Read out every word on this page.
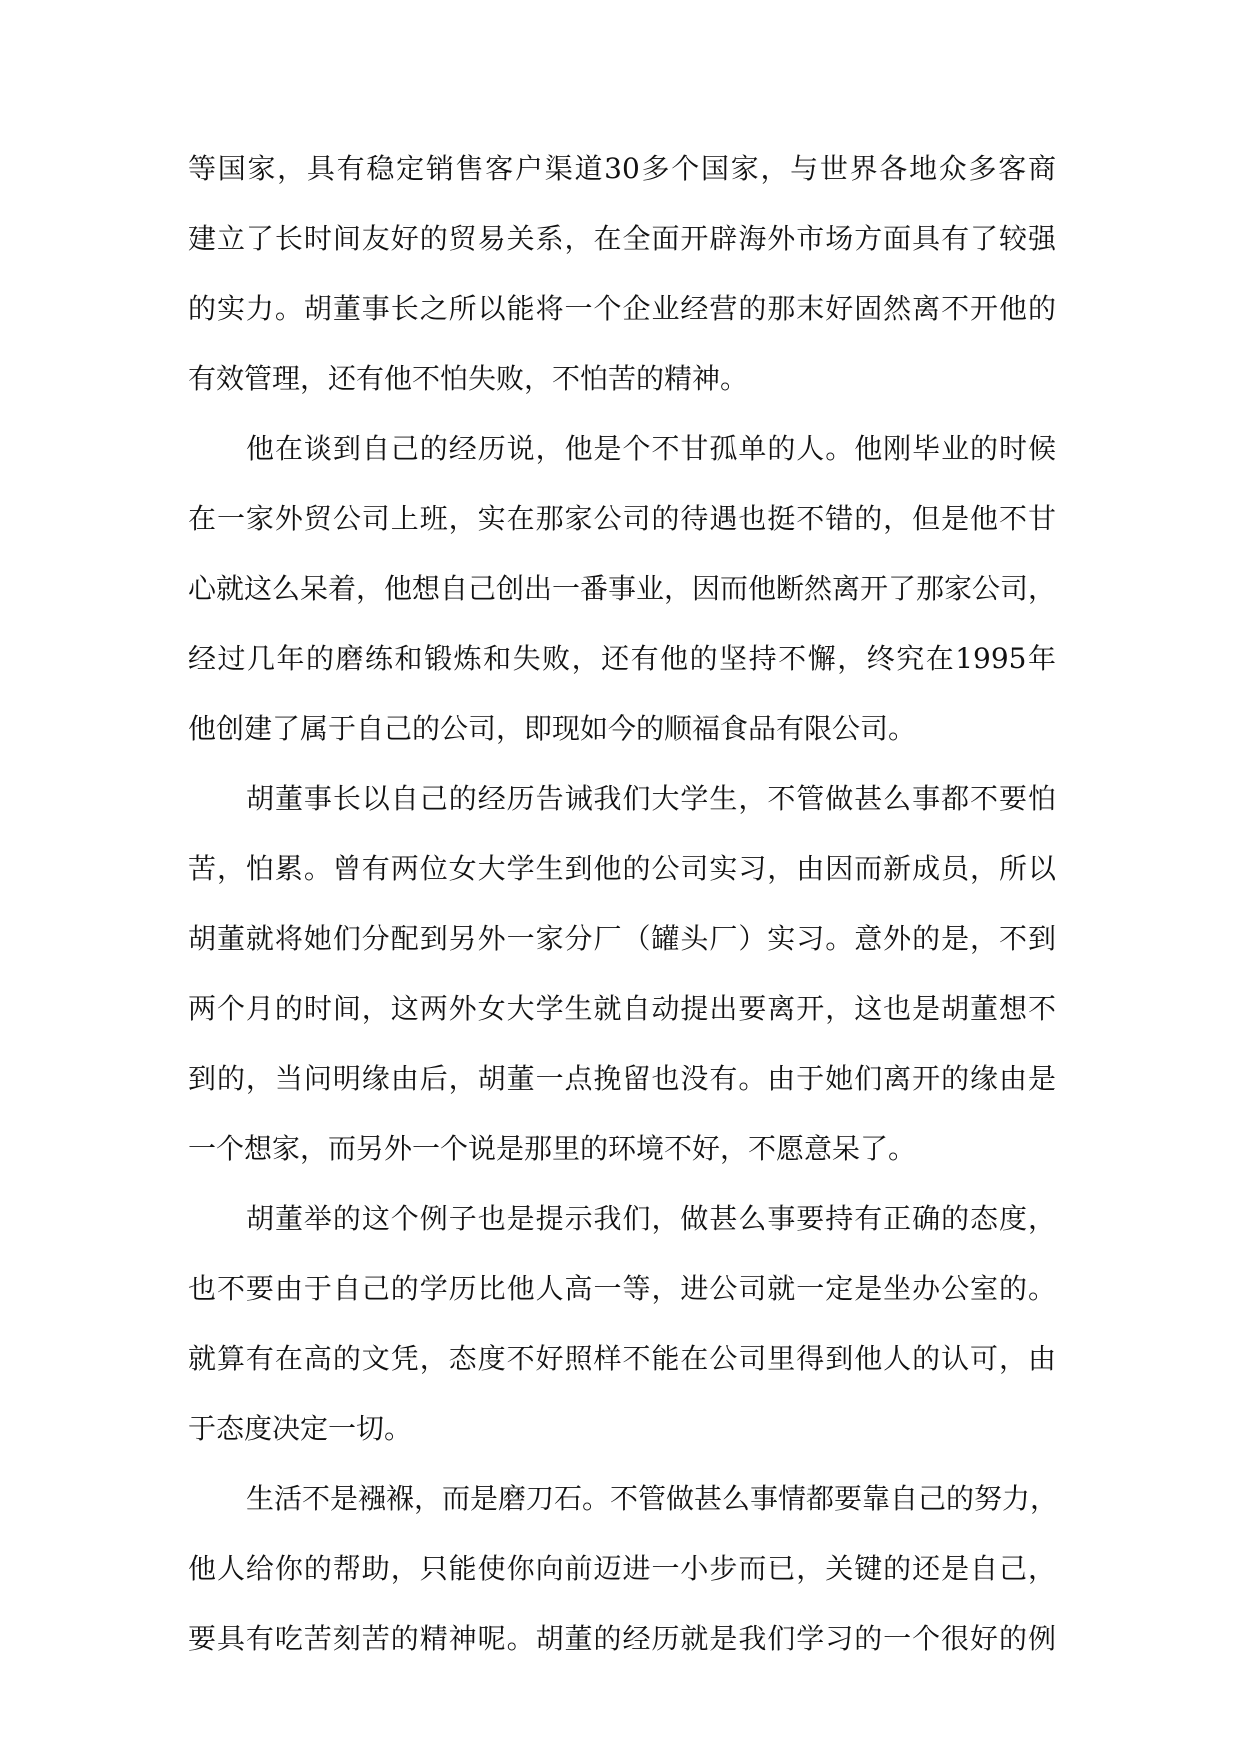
等国家，具有稳定销售客户渠道30多个国家，与世界各地众多客商
建立了长时间友好的贸易关系，在全面开辟海外市场方面具有了较强
的实力。胡董事长之所以能将一个企业经营的那末好固然离不开他的
有效管理，还有他不怕失败，不怕苦的精神。
他在谈到自己的经历说，他是个不甘孤单的人。他刚毕业的时候
在一家外贸公司上班，实在那家公司的待遇也挺不错的，但是他不甘
心就这么呆着，他想自己创出一番事业，因而他断然离开了那家公司，
经过几年的磨练和锻炼和失败，还有他的坚持不懈，终究在1995年
他创建了属于自己的公司，即现如今的顺福食品有限公司。
胡董事长以自己的经历告诫我们大学生，不管做甚么事都不要怕
苦，怕累。曾有两位女大学生到他的公司实习，由因而新成员，所以
胡董就将她们分配到另外一家分厂（罐头厂）实习。意外的是，不到
两个月的时间，这两外女大学生就自动提出要离开，这也是胡董想不
到的，当问明缘由后，胡董一点挽留也没有。由于她们离开的缘由是
一个想家，而另外一个说是那里的环境不好，不愿意呆了。
胡董举的这个例子也是提示我们，做甚么事要持有正确的态度，
也不要由于自己的学历比他人高一等，进公司就一定是坐办公室的。
就算有在高的文凭，态度不好照样不能在公司里得到他人的认可，由
于态度决定一切。
生活不是襁褓，而是磨刀石。不管做甚么事情都要靠自己的努力，
他人给你的帮助，只能使你向前迈进一小步而已，关键的还是自己，
要具有吃苦刻苦的精神呢。胡董的经历就是我们学习的一个很好的例
